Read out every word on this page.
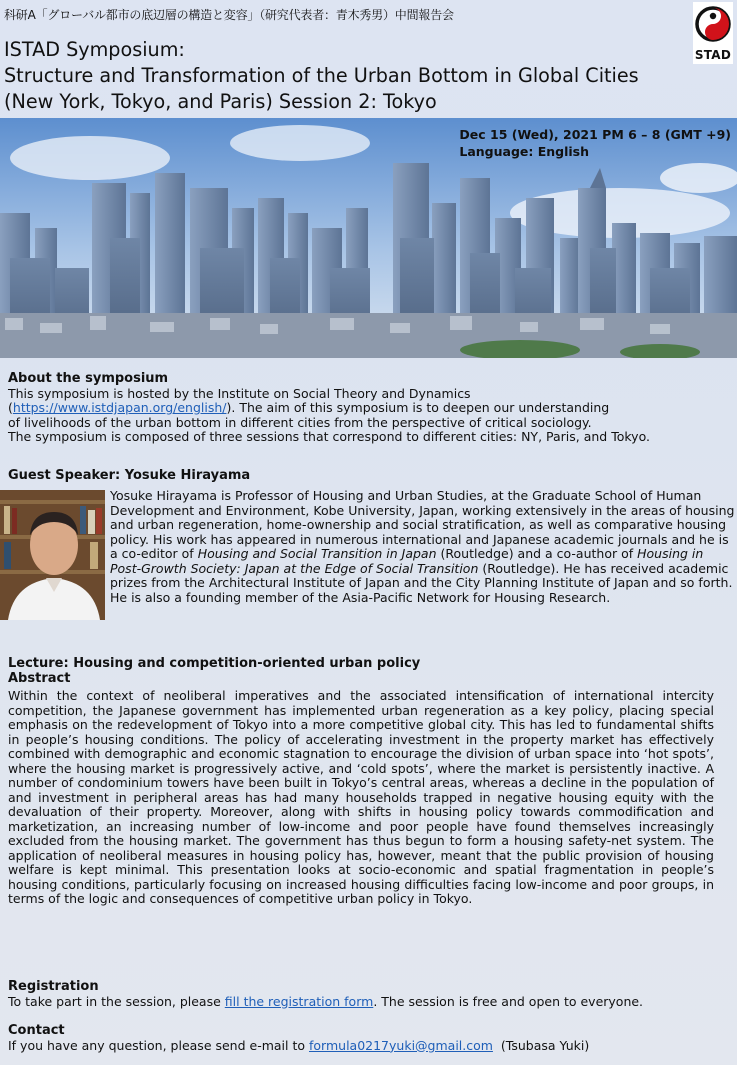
科研A「グローバル都市の底辺層の構造と変容」（研究代表者：青木秀男）中間報告会
STAD
ISTAD Symposium:
Structure and Transformation of the Urban Bottom in Global Cities
(New York, Tokyo, and Paris) Session 2: Tokyo
Dec 15 (Wed), 2021 PM 6 – 8 (GMT +9)
Language: English
About the symposium
This symposium is hosted by the Institute on Social Theory and Dynamics
(https://www.istdjapan.org/english/). The aim of this symposium is to deepen our understanding
of livelihoods of the urban bottom in different cities from the perspective of critical sociology.
The symposium is composed of three sessions that correspond to different cities: NY, Paris, and Tokyo.
Guest Speaker: Yosuke Hirayama
Yosuke Hirayama is Professor of Housing and Urban Studies, at the Graduate School of Human Development and Environment, Kobe University, Japan, working extensively in the areas of housing and urban regeneration, home-ownership and social stratification, as well as comparative housing policy. His work has appeared in numerous international and Japanese academic journals and he is a co-editor of Housing and Social Transition in Japan (Routledge) and a co-author of Housing in Post-Growth Society: Japan at the Edge of Social Transition (Routledge). He has received academic prizes from the Architectural Institute of Japan and the City Planning Institute of Japan and so forth. He is also a founding member of the Asia-Pacific Network for Housing Research.
Lecture: Housing and competition-oriented urban policy
Abstract
Within the context of neoliberal imperatives and the associated intensification of international intercity competition, the Japanese government has implemented urban regeneration as a key policy, placing special emphasis on the redevelopment of Tokyo into a more competitive global city. This has led to fundamental shifts in people’s housing conditions. The policy of accelerating investment in the property market has effectively combined with demographic and economic stagnation to encourage the division of urban space into ‘hot spots’, where the housing market is progressively active, and ‘cold spots’, where the market is persistently inactive. A number of condominium towers have been built in Tokyo’s central areas, whereas a decline in the population of and investment in peripheral areas has had many households trapped in negative housing equity with the devaluation of their property. Moreover, along with shifts in housing policy towards commodification and marketization, an increasing number of low-income and poor people have found themselves increasingly excluded from the housing market. The government has thus begun to form a housing safety-net system. The application of neoliberal measures in housing policy has, however, meant that the public provision of housing welfare is kept minimal. This presentation looks at socio-economic and spatial fragmentation in people’s housing conditions, particularly focusing on increased housing difficulties facing low-income and poor groups, in terms of the logic and consequences of competitive urban policy in Tokyo.
Registration
To take part in the session, please fill the registration form. The session is free and open to everyone.
Contact
If you have any question, please send e-mail to formula0217yuki@gmail.com  (Tsubasa Yuki)
